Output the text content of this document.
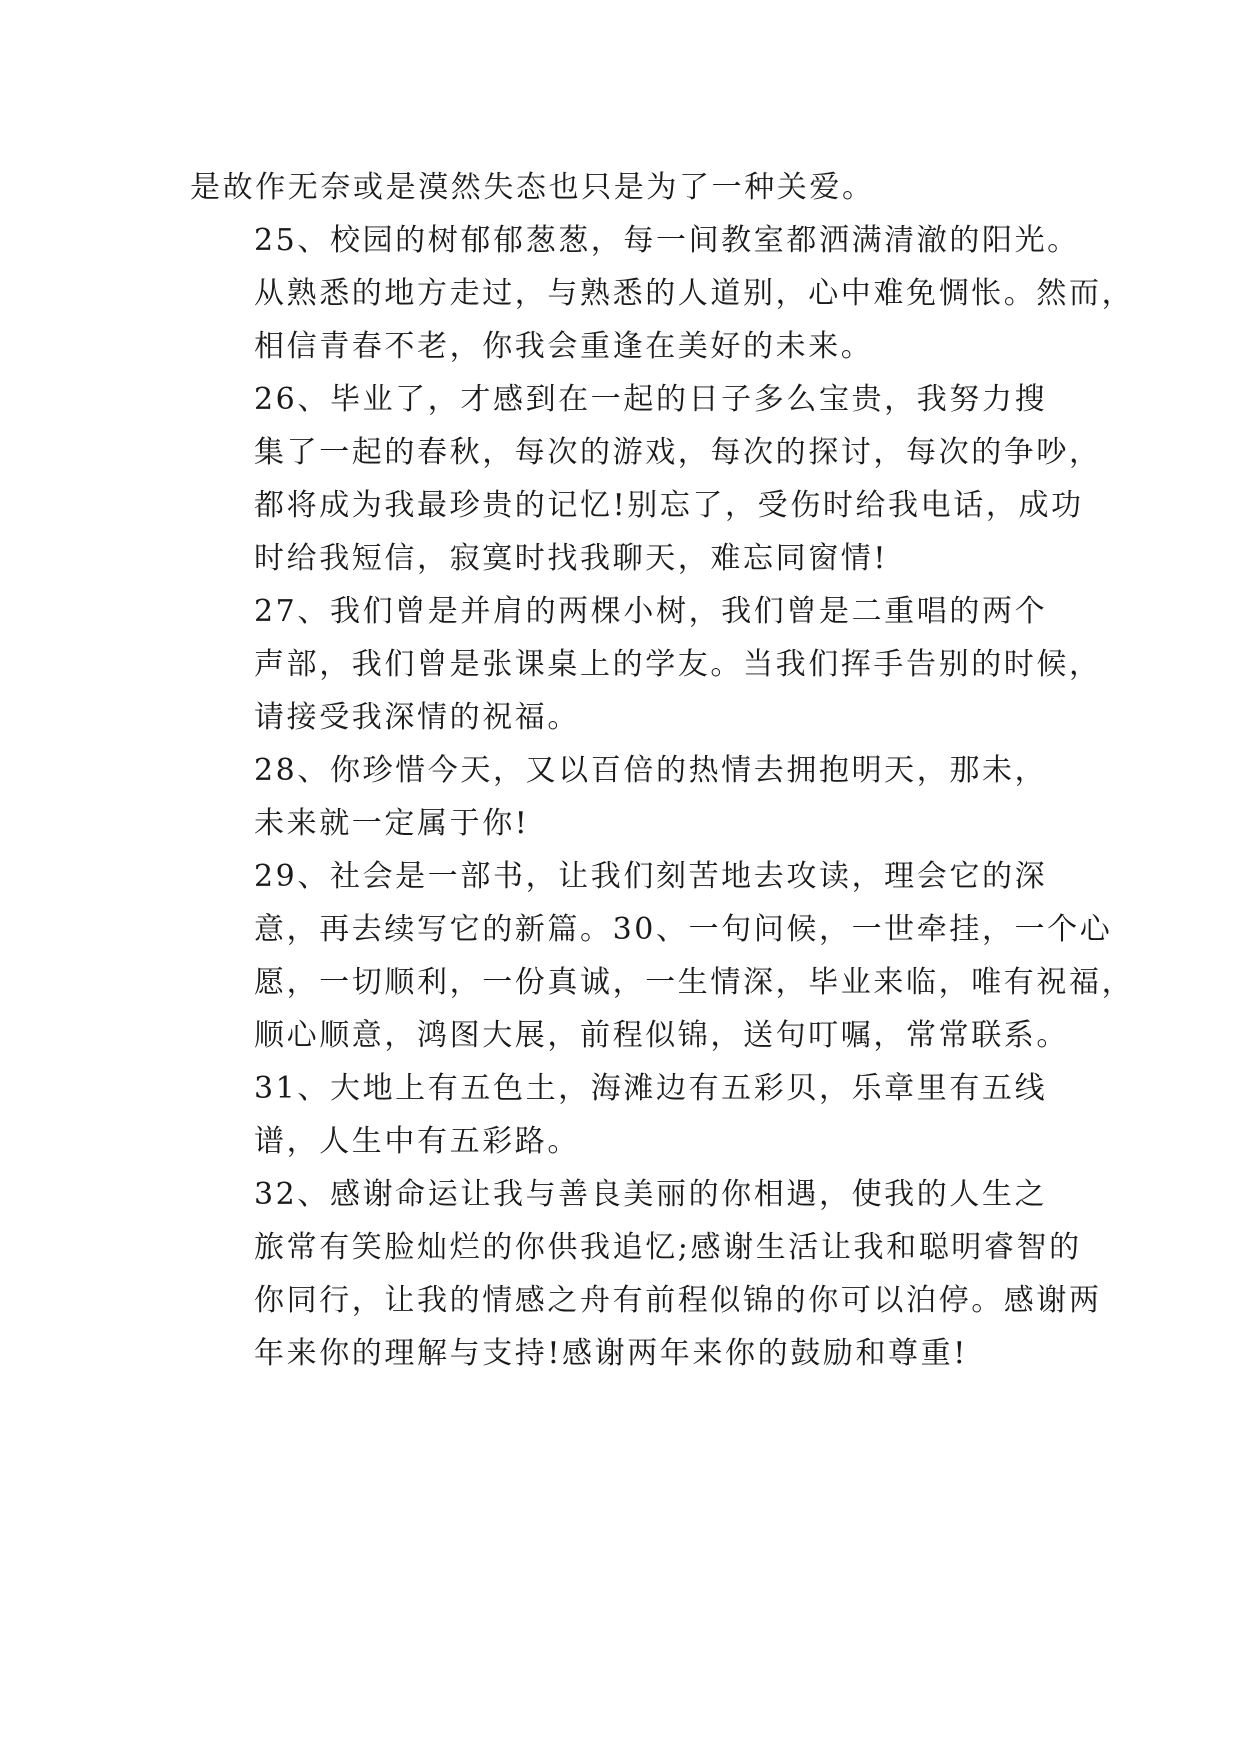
是故作无奈或是漠然失态也只是为了一种关爱。

25、校园的树郁郁葱葱，每一间教室都洒满清澈的阳光。
从熟悉的地方走过，与熟悉的人道别，心中难免惆怅。然而，
相信青春不老，你我会重逢在美好的未来。

26、毕业了，才感到在一起的日子多么宝贵，我努力搜
集了一起的春秋，每次的游戏，每次的探讨，每次的争吵，
都将成为我最珍贵的记忆!别忘了，受伤时给我电话，成功
时给我短信，寂寞时找我聊天，难忘同窗情!

27、我们曾是并肩的两棵小树，我们曾是二重唱的两个
声部，我们曾是张课桌上的学友。当我们挥手告别的时候，
请接受我深情的祝福。

28、你珍惜今天，又以百倍的热情去拥抱明天，那未，
未来就一定属于你!

29、社会是一部书，让我们刻苦地去攻读，理会它的深
意，再去续写它的新篇。30、一句问候，一世牵挂，一个心
愿，一切顺利，一份真诚，一生情深，毕业来临，唯有祝福，
顺心顺意，鸿图大展，前程似锦，送句叮嘱，常常联系。

31、大地上有五色土，海滩边有五彩贝，乐章里有五线
谱，人生中有五彩路。

32、感谢命运让我与善良美丽的你相遇，使我的人生之
旅常有笑脸灿烂的你供我追忆;感谢生活让我和聪明睿智的
你同行，让我的情感之舟有前程似锦的你可以泊停。感谢两
年来你的理解与支持!感谢两年来你的鼓励和尊重!
